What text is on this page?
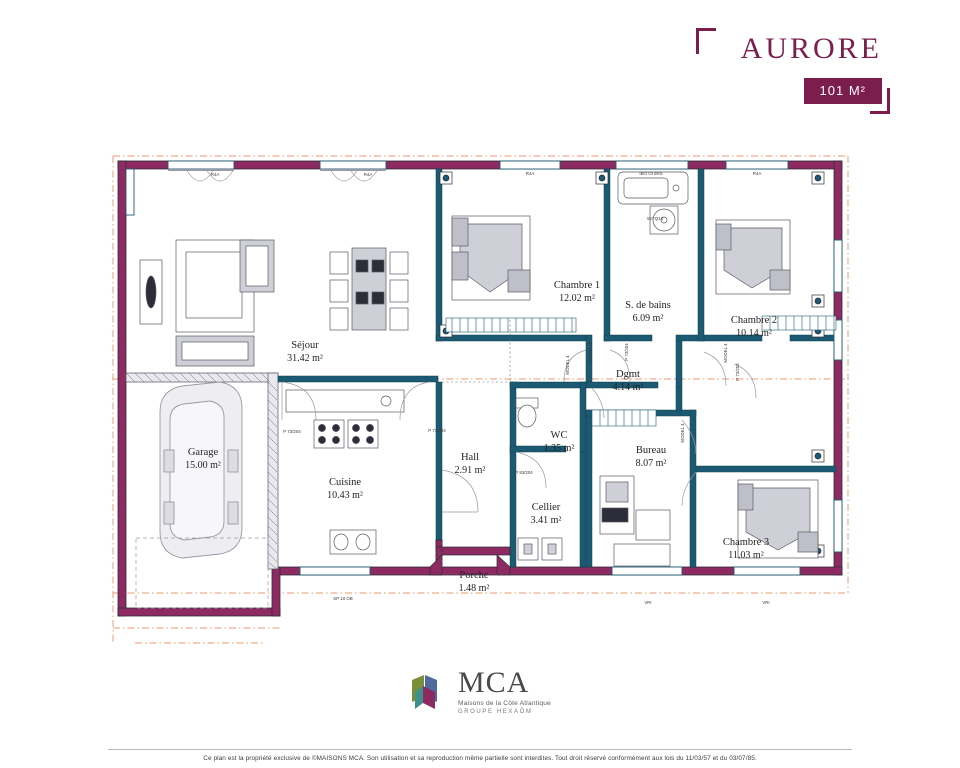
AURORE
101 M²
R4A	R4A	R4A	IBO OI dRS	R4A
52TQ13
P 73/204	P 73/204
P 83/204
SP 10 OB
VRI	VRI
MODEL 4
MODEL 4	P 73/204
MODEL 4
MODEL 4
P 73/204
Séjour
31.42 m²
Chambre 1
12.02 m²
S. de bains
6.09 m²	Chambre 2
10.14 m²
Dgmt
4.14 m²
WC
1.35 m²	Bureau
8.07 m²
Chambre 3
11.03 m²
Garage
15.00 m²
Cuisine
10.43 m²
Hall
2.91 m²
Cellier
3.41 m²
Porche
1.48 m²
MCA
Maisons de la Côte Atlantique
GROUPE HEXAÔM
Ce plan est la propriété exclusive de ©MAISONS MCA. Son utilisation et sa reproduction même partielle sont interdites. Tout droit réservé conformément aux lois du 11/03/57 et du 03/07/85.
